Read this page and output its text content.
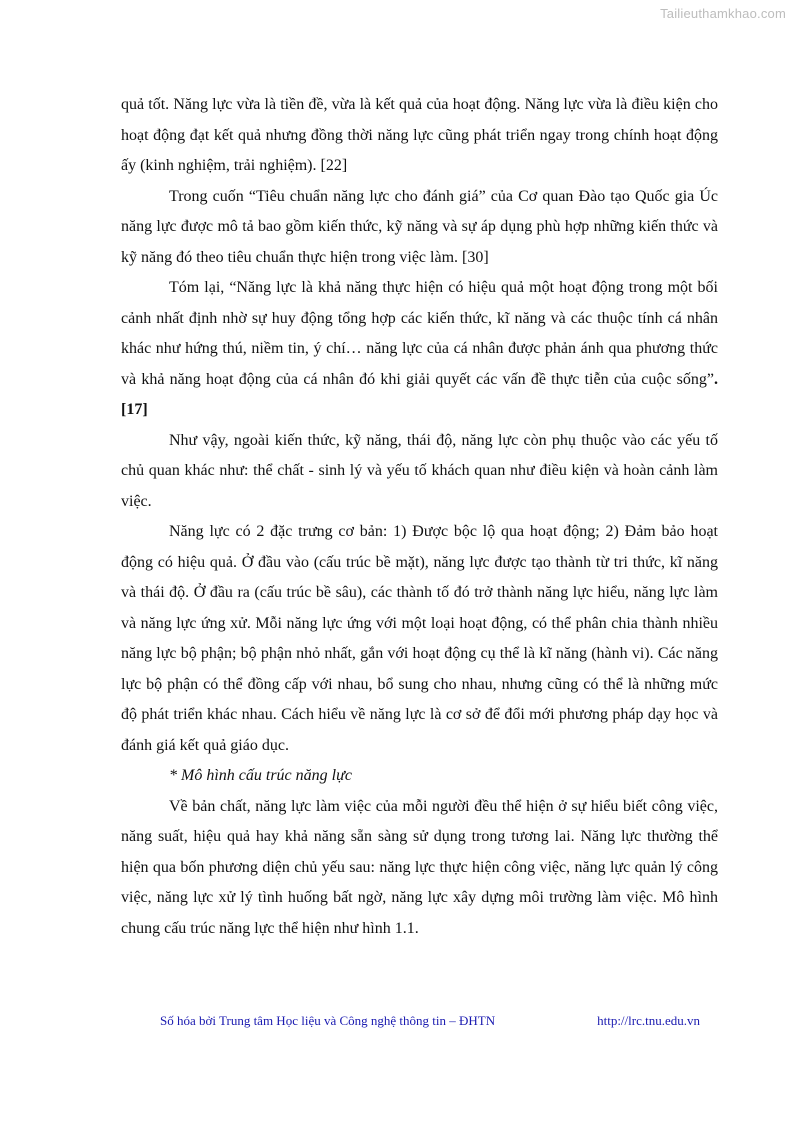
Tailieuthamkhao.com

quả tốt. Năng lực vừa là tiền đề, vừa là kết quả của hoạt động. Năng lực vừa là điều kiện cho hoạt động đạt kết quả nhưng đồng thời năng lực cũng phát triển ngay trong chính hoạt động ấy (kinh nghiệm, trải nghiệm). [22]

Trong cuốn “Tiêu chuẩn năng lực cho đánh giá” của Cơ quan Đào tạo Quốc gia Úc năng lực được mô tả bao gồm kiến thức, kỹ năng và sự áp dụng phù hợp những kiến thức và kỹ năng đó theo tiêu chuẩn thực hiện trong việc làm. [30]

Tóm lại, “Năng lực là khả năng thực hiện có hiệu quả một hoạt động trong một bối cảnh nhất định nhờ sự huy động tổng hợp các kiến thức, kĩ năng và các thuộc tính cá nhân khác như hứng thú, niềm tin, ý chí… năng lực của cá nhân được phản ánh qua phương thức và khả năng hoạt động của cá nhân đó khi giải quyết các vấn đề thực tiễn của cuộc sống”. [17]

Như vậy, ngoài kiến thức, kỹ năng, thái độ, năng lực còn phụ thuộc vào các yếu tố chủ quan khác như: thể chất - sinh lý và yếu tố khách quan như điều kiện và hoàn cảnh làm việc.

Năng lực có 2 đặc trưng cơ bản: 1) Được bộc lộ qua hoạt động; 2) Đảm bảo hoạt động có hiệu quả. Ở đầu vào (cấu trúc bề mặt), năng lực được tạo thành từ tri thức, kĩ năng và thái độ. Ở đầu ra (cấu trúc bề sâu), các thành tố đó trở thành năng lực hiểu, năng lực làm và năng lực ứng xử. Mỗi năng lực ứng với một loại hoạt động, có thể phân chia thành nhiều năng lực bộ phận; bộ phận nhỏ nhất, gắn với hoạt động cụ thể là kĩ năng (hành vi). Các năng lực bộ phận có thể đồng cấp với nhau, bổ sung cho nhau, nhưng cũng có thể là những mức độ phát triển khác nhau. Cách hiểu về năng lực là cơ sở để đổi mới phương pháp dạy học và đánh giá kết quả giáo dục.

* Mô hình cấu trúc năng lực

Về bản chất, năng lực làm việc của mỗi người đều thể hiện ở sự hiểu biết công việc, năng suất, hiệu quả hay khả năng sẵn sàng sử dụng trong tương lai. Năng lực thường thể hiện qua bốn phương diện chủ yếu sau: năng lực thực hiện công việc, năng lực quản lý công việc, năng lực xử lý tình huống bất ngờ, năng lực xây dựng môi trường làm việc. Mô hình chung cấu trúc năng lực thể hiện như hình 1.1.

Số hóa bởi Trung tâm Học liệu và Công nghệ thông tin – ĐHTN	http://lrc.tnu.edu.vn
